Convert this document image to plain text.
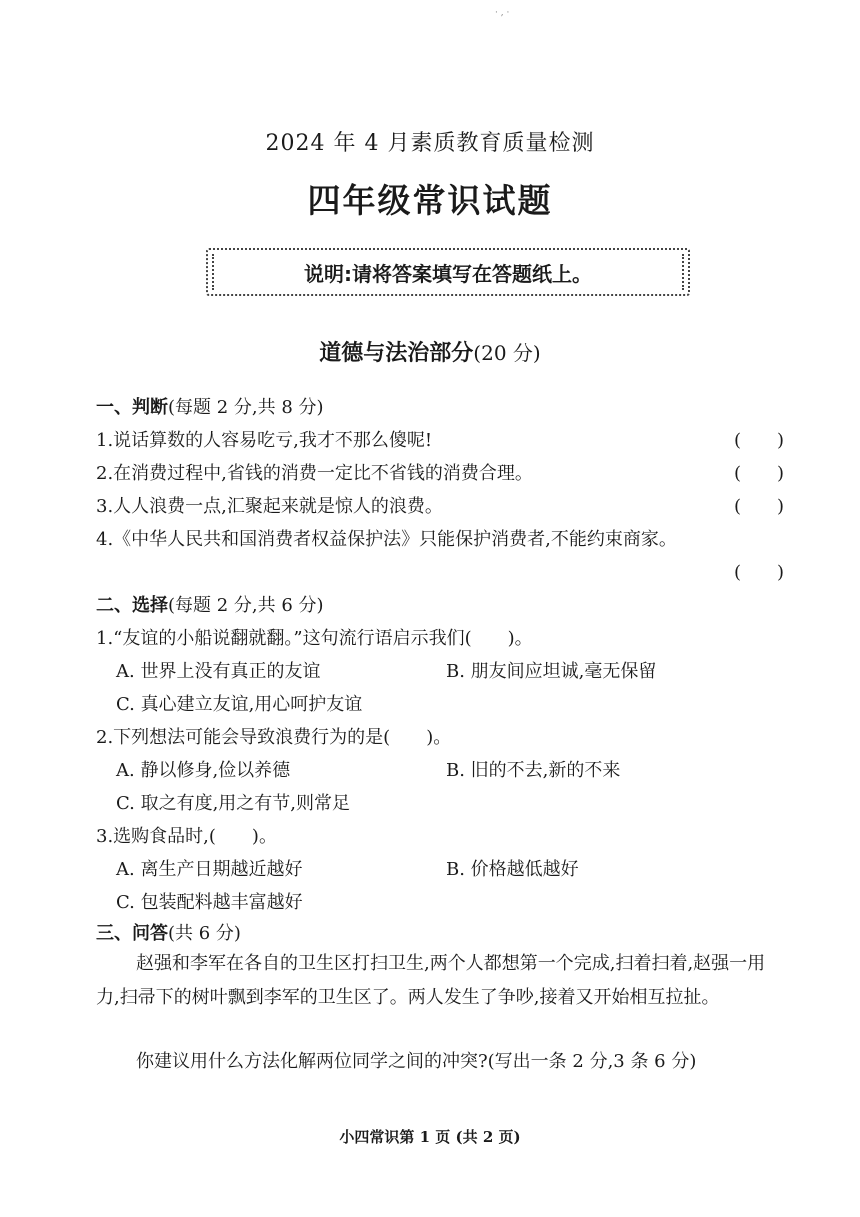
· , ·
2024 年 4 月素质教育质量检测
四年级常识试题
说明:请将答案填写在答题纸上。
道德与法治部分(20 分)
一、判断(每题 2 分,共 8 分)
1.说话算数的人容易吃亏,我才不那么傻呢!	(　　)
2.在消费过程中,省钱的消费一定比不省钱的消费合理。	(　　)
3.人人浪费一点,汇聚起来就是惊人的浪费。	(　　)
4.《中华人民共和国消费者权益保护法》只能保护消费者,不能约束商家。
(　　)
二、选择(每题 2 分,共 6 分)
1.“友谊的小船说翻就翻。”这句流行语启示我们(　　)。
A. 世界上没有真正的友谊	B. 朋友间应坦诚,毫无保留
C. 真心建立友谊,用心呵护友谊
2.下列想法可能会导致浪费行为的是(　　)。
A. 静以修身,俭以养德	B. 旧的不去,新的不来
C. 取之有度,用之有节,则常足
3.选购食品时,(　　)。
A. 离生产日期越近越好	B. 价格越低越好
C. 包装配料越丰富越好
三、问答(共 6 分)
赵强和李军在各自的卫生区打扫卫生,两个人都想第一个完成,扫着扫着,赵强一用力,扫帚下的树叶飘到李军的卫生区了。两人发生了争吵,接着又开始相互拉扯。
你建议用什么方法化解两位同学之间的冲突?(写出一条 2 分,3 条 6 分)
小四常识第 1 页 (共 2 页)
